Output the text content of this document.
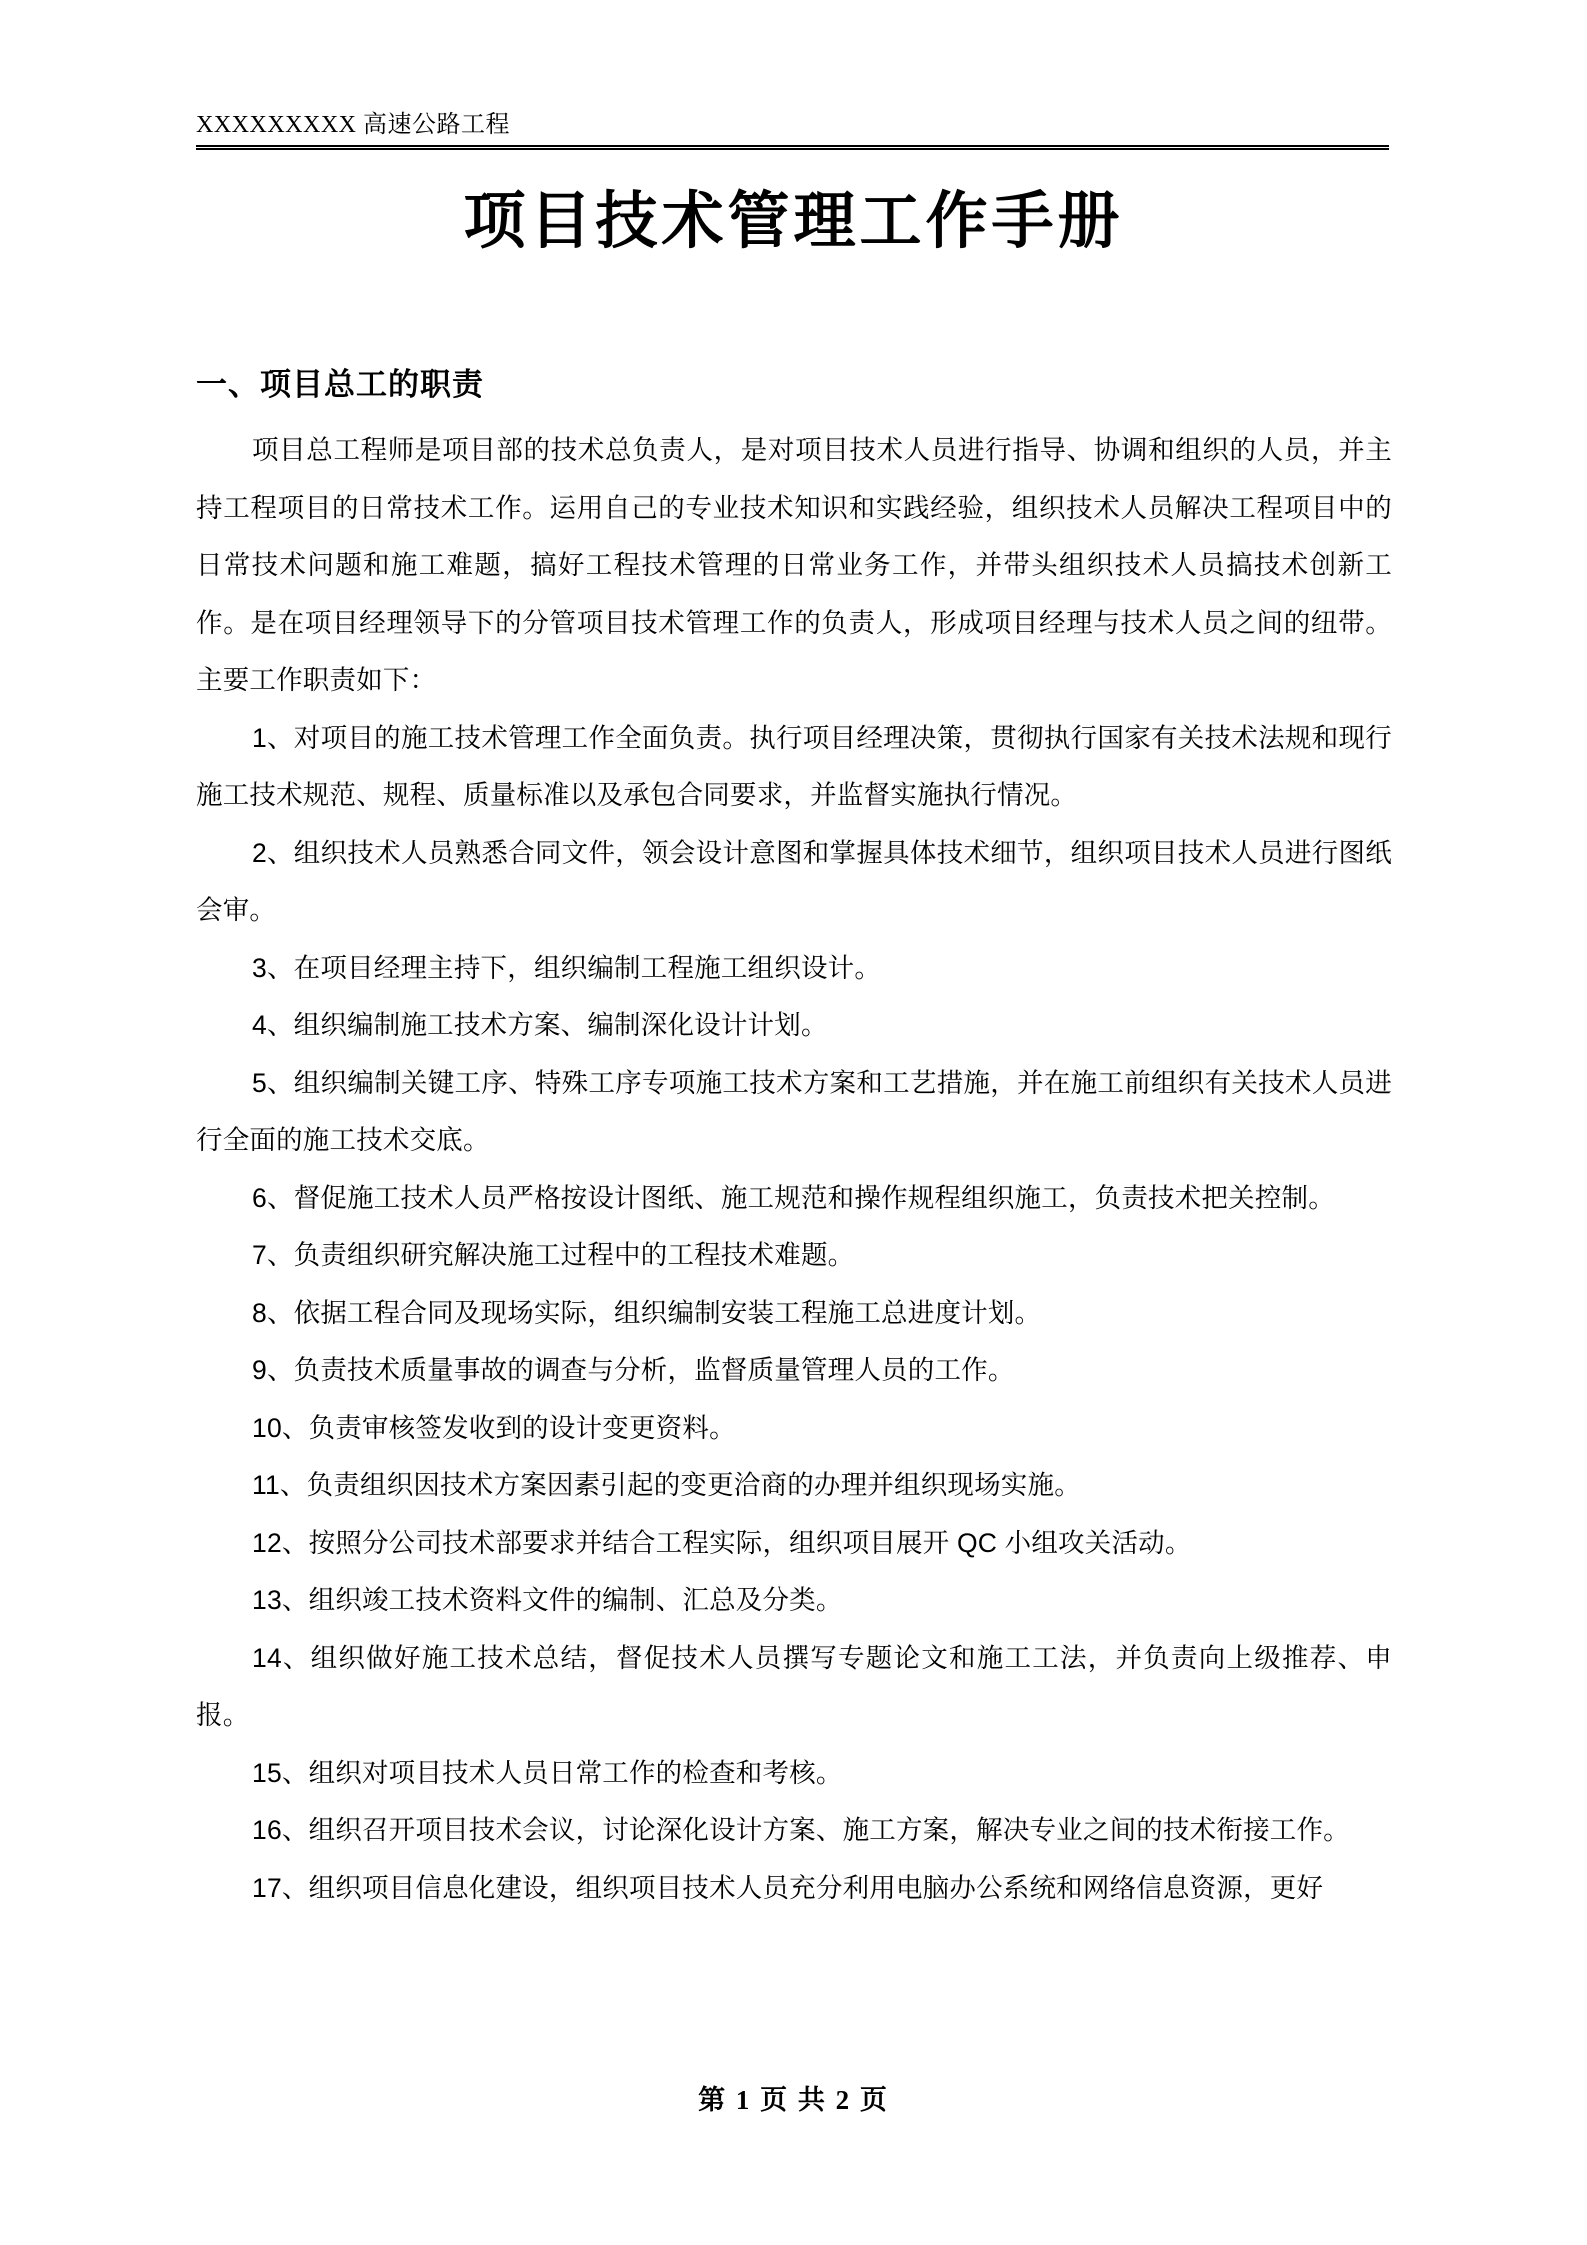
XXXXXXXXX 高速公路工程
项目技术管理工作手册
一、项目总工的职责

项目总工程师是项目部的技术总负责人，是对项目技术人员进行指导、协调和组织的人员，并主持工程项目的日常技术工作。运用自己的专业技术知识和实践经验，组织技术人员解决工程项目中的日常技术问题和施工难题，搞好工程技术管理的日常业务工作，并带头组织技术人员搞技术创新工作。是在项目经理领导下的分管项目技术管理工作的负责人，形成项目经理与技术人员之间的纽带。主要工作职责如下：

1、对项目的施工技术管理工作全面负责。执行项目经理决策，贯彻执行国家有关技术法规和现行施工技术规范、规程、质量标准以及承包合同要求，并监督实施执行情况。
2、组织技术人员熟悉合同文件，领会设计意图和掌握具体技术细节，组织项目技术人员进行图纸会审。
3、在项目经理主持下，组织编制工程施工组织设计。
4、组织编制施工技术方案、编制深化设计计划。
5、组织编制关键工序、特殊工序专项施工技术方案和工艺措施，并在施工前组织有关技术人员进行全面的施工技术交底。
6、督促施工技术人员严格按设计图纸、施工规范和操作规程组织施工，负责技术把关控制。
7、负责组织研究解决施工过程中的工程技术难题。
8、依据工程合同及现场实际，组织编制安装工程施工总进度计划。
9、负责技术质量事故的调查与分析，监督质量管理人员的工作。
10、负责审核签发收到的设计变更资料。
11、负责组织因技术方案因素引起的变更洽商的办理并组织现场实施。
12、按照分公司技术部要求并结合工程实际，组织项目展开 QC 小组攻关活动。
13、组织竣工技术资料文件的编制、汇总及分类。
14、组织做好施工技术总结，督促技术人员撰写专题论文和施工工法，并负责向上级推荐、申报。
15、组织对项目技术人员日常工作的检查和考核。
16、组织召开项目技术会议，讨论深化设计方案、施工方案，解决专业之间的技术衔接工作。
17、组织项目信息化建设，组织项目技术人员充分利用电脑办公系统和网络信息资源，更好
第 1 页 共 2 页
